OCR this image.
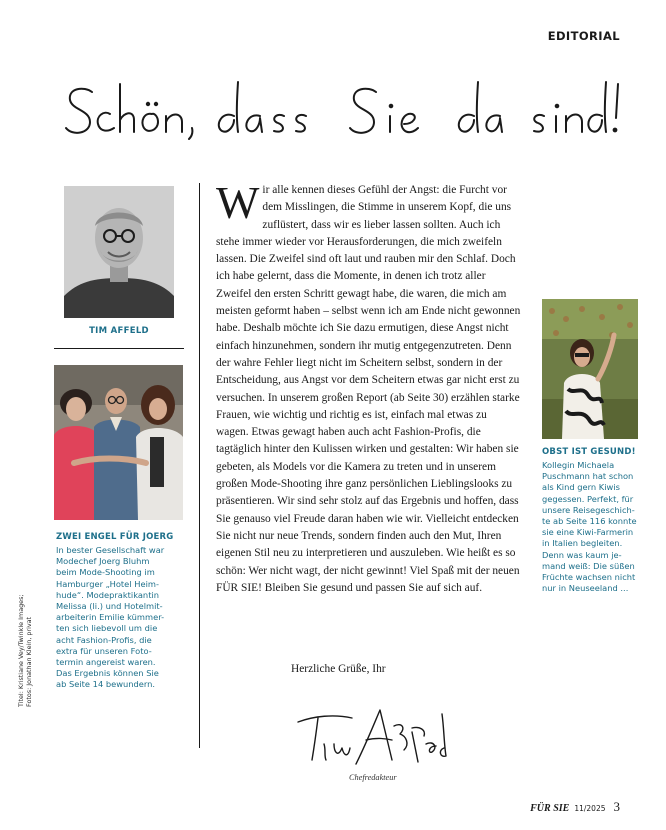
EDITORIAL
TIM AFFELD
ZWEI ENGEL FÜR JOERG
In bester Gesellschaft war
Modechef Joerg Bluhm
beim Mode-Shooting im
Hamburger „Hotel Heim-
hude“. Modepraktikantin
Melissa (li.) und Hotelmit-
arbeiterin Emilie kümmer-
ten sich liebevoll um die
acht Fashion-Profis, die
extra für unseren Foto-
termin angereist waren.
Das Ergebnis können Sie
ab Seite 14 bewundern.
Titel: Kristiane Vey/Twinkle Images;
Fotos: Jonathan Klein, privat
W ir alle kennen dieses Gefühl der Angst: die Furcht vor dem Misslingen, die Stimme in unserem Kopf, die uns zuflüstert, dass wir es lieber lassen sollten. Auch ich stehe immer wieder vor Herausforderungen, die mich zweifeln lassen. Die Zweifel sind oft laut und rauben mir den Schlaf. Doch ich habe gelernt, dass die Momente, in denen ich trotz aller Zweifel den ersten Schritt gewagt habe, die waren, die mich am meisten geformt haben – selbst wenn ich am Ende nicht gewonnen habe. Deshalb möchte ich Sie dazu ermutigen, diese Angst nicht einfach hinzunehmen, sondern ihr mutig entgegenzutreten. Denn der wahre Fehler liegt nicht im Scheitern selbst, sondern in der Entscheidung, aus Angst vor dem Scheitern etwas gar nicht erst zu versuchen. In unserem großen Report (ab Seite 30) erzählen starke Frauen, wie wichtig und richtig es ist, einfach mal etwas zu wagen. Etwas gewagt haben auch acht Fashion-Profis, die tagtäglich hinter den Kulissen wirken und gestalten: Wir haben sie gebeten, als Models vor die Kamera zu treten und in unserem großen Mode-Shooting ihre ganz persönlichen Lieblingslooks zu präsentieren. Wir sind sehr stolz auf das Ergebnis und hoffen, dass Sie genauso viel Freude daran haben wie wir. Vielleicht entdecken Sie nicht nur neue Trends, sondern finden auch den Mut, Ihren eigenen Stil neu zu interpretieren und auszuleben. Wie heißt es so schön: Wer nicht wagt, der nicht gewinnt! Viel Spaß mit der neuen FÜR SIE! Bleiben Sie gesund und passen Sie auf sich auf.
Herzliche Grüße, Ihr
Chefredakteur
OBST IST GESUND!
Kollegin Michaela
Puschmann hat schon
als Kind gern Kiwis
gegessen. Perfekt, für
unsere Reisegeschich-
te ab Seite 116 konnte
sie eine Kiwi-Farmerin
in Italien begleiten.
Denn was kaum je-
mand weiß: Die süßen
Früchte wachsen nicht
nur in Neuseeland ...
FÜR SIE 11/2025 3
